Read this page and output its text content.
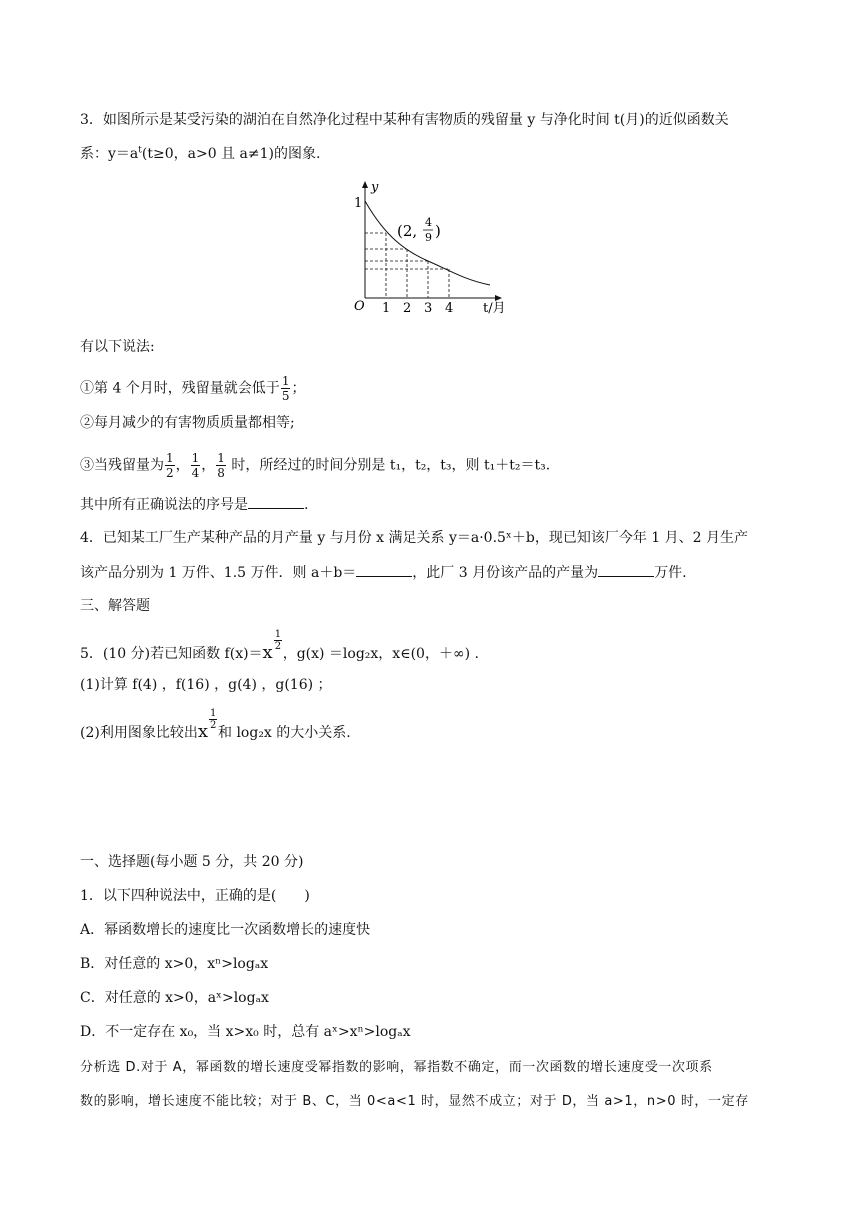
3．如图所示是某受污染的湖泊在自然净化过程中某种有害物质的残留量 y 与净化时间 t(月)的近似函数关
系：$y=a^t(t\ge 0$，a>0 且 a≠1)的图象.
y
1
O 1 2 3 4 t/月
(2, 4
9 )
有以下说法:
①第 4 个月时，残留量就会低于 $\frac{1}{5}$ ；
②每月减少的有害物质质量都相等;
③当残留量为 $\frac{1}{2}$ ， $\frac{1}{4}$ ， $\frac{1}{8}$ 时，所经过的时间分别是 t₁，t₂，t₃，则 t₁＋t₂＝t₃.
其中所有正确说法的序号是	.
4．已知某工厂生产某种产品的月产量 y 与月份 x 满足关系 y＝a·0.5ˣ＋b，现已知该厂今年 1 月、2 月生产
该产品分别为 1 万件、1.5 万件．则 a＋b＝	，此厂 3 月份该产品的产量为	万件.
三、解答题
5．(10 分)若已知函数 f(x)＝x
$\frac{1}{2}$
，g(x) ＝log₂x，x∈(0，＋∞) .
(1)计算 f(4) ，f(16) ，g(4) ，g(16) ；
(2)利用图象比较出x
$\frac{1}{2}$
和 log₂x 的大小关系.
一、选择题(每小题 5 分，共 20 分)
1．以下四种说法中，正确的是(　　)
A．幂函数增长的速度比一次函数增长的速度快
B．对任意的 x>0，xⁿ>logₐx
C．对任意的 x>0，aˣ>logₐx
D．不一定存在 x₀，当 x>x₀ 时，总有 aˣ>xⁿ>logₐx
分析选 D.对于 A，幂函数的增长速度受幂指数的影响，幂指数不确定，而一次函数的增长速度受一次项系
数的影响，增长速度不能比较；对于 B、C，当 0<a<1 时，显然不成立；对于 D，当 a>1，n>0 时，一定存
